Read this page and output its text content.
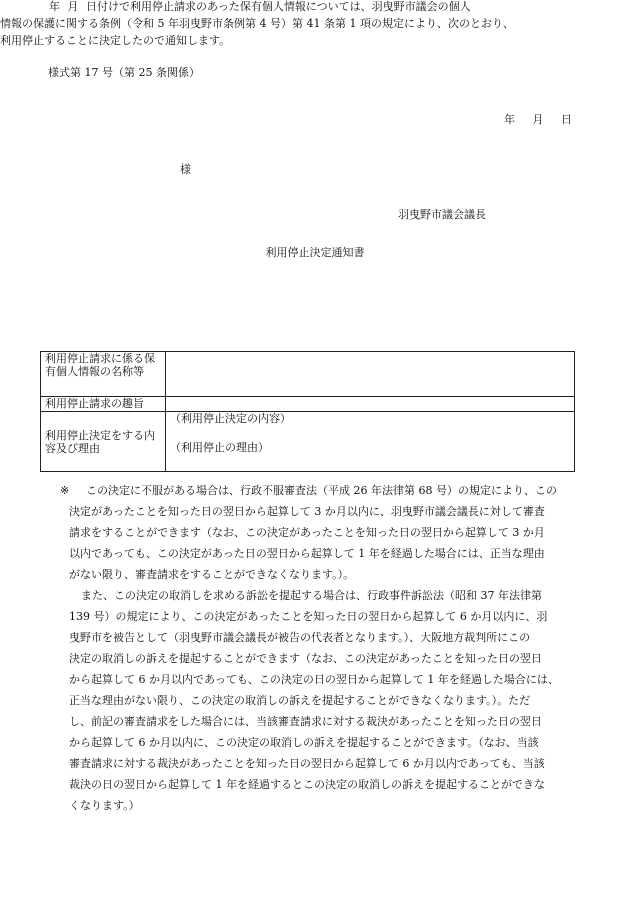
様式第 17 号（第 25 条関係）
年 月 日
様
羽曳野市議会議長
利用停止決定通知書
年 月 日付けで利用停止請求のあった保有個人情報については、羽曳野市議会の個人
情報の保護に関する条例（令和 5 年羽曳野市条例第 4 号）第 41 条第 1 項の規定により、次のとおり、
利用停止することに決定したので通知します。
利用停止請求に係る保有個人情報の名称等	
利用停止請求の趣旨	
利用停止決定をする内容及び理由	（利用停止決定の内容）
（利用停止の理由）
※ この決定に不服がある場合は、行政不服審査法（平成 26 年法律第 68 号）の規定により、この
決定があったことを知った日の翌日から起算して 3 か月以内に、羽曳野市議会議長に対して審査
請求をすることができます（なお、この決定があったことを知った日の翌日から起算して 3 か月
以内であっても、この決定があった日の翌日から起算して 1 年を経過した場合には、正当な理由
がない限り、審査請求をすることができなくなります。）。
また、この決定の取消しを求める訴訟を提起する場合は、行政事件訴訟法（昭和 37 年法律第
139 号）の規定により、この決定があったことを知った日の翌日から起算して 6 か月以内に、羽
曳野市を被告として（羽曳野市議会議長が被告の代表者となります。）、大阪地方裁判所にこの
決定の取消しの訴えを提起することができます（なお、この決定があったことを知った日の翌日
から起算して 6 か月以内であっても、この決定の日の翌日から起算して 1 年を経過した場合には、
正当な理由がない限り、この決定の取消しの訴えを提起することができなくなります。）。ただ
し、前記の審査請求をした場合には、当該審査請求に対する裁決があったことを知った日の翌日
から起算して 6 か月以内に、この決定の取消しの訴えを提起することができます。（なお、当該
審査請求に対する裁決があったことを知った日の翌日から起算して 6 か月以内であっても、当該
裁決の日の翌日から起算して 1 年を経過するとこの決定の取消しの訴えを提起することができな
くなります。）
